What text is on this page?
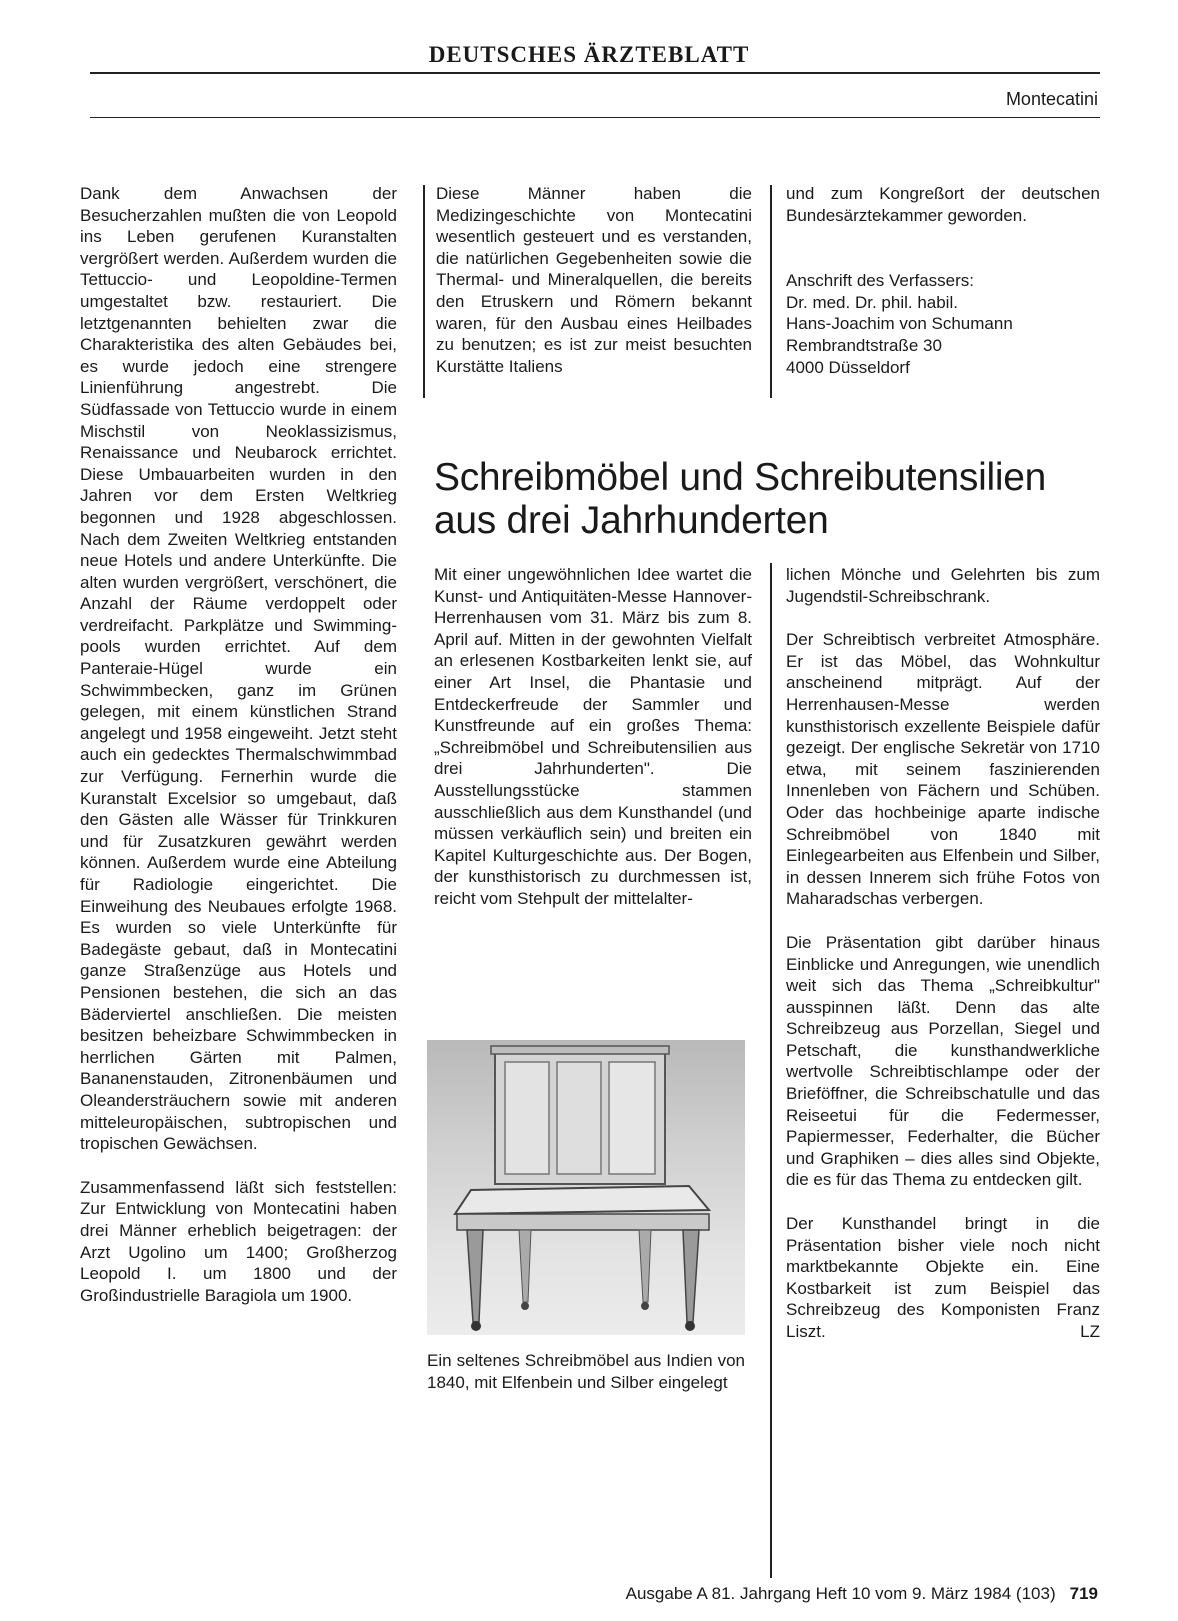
DEUTSCHES ÄRZTEBLATT
Montecatini

Dank dem Anwachsen der Besucherzahlen mußten die von Leopold ins Leben gerufenen Kuranstalten vergrößert werden. Außerdem wurden die Tettuccio- und Leopoldine-Termen umgestaltet bzw. restauriert. Die letztgenannten behielten zwar die Charakteristika des alten Gebäudes bei, es wurde jedoch eine strengere Linienführung angestrebt. Die Südfassade von Tettuccio wurde in einem Mischstil von Neoklassizismus, Renaissance und Neubarock errichtet. Diese Umbauarbeiten wurden in den Jahren vor dem Ersten Weltkrieg begonnen und 1928 abgeschlossen. Nach dem Zweiten Weltkrieg entstanden neue Hotels und andere Unterkünfte. Die alten wurden vergrößert, verschönert, die Anzahl der Räume verdoppelt oder verdreifacht. Parkplätze und Swimming-pools wurden errichtet. Auf dem Panteraie-Hügel wurde ein Schwimmbecken, ganz im Grünen gelegen, mit einem künstlichen Strand angelegt und 1958 eingeweiht. Jetzt steht auch ein gedecktes Thermalschwimmbad zur Verfügung. Fernerhin wurde die Kuranstalt Excelsior so umgebaut, daß den Gästen alle Wässer für Trinkkuren und für Zusatzkuren gewährt werden können. Außerdem wurde eine Abteilung für Radiologie eingerichtet. Die Einweihung des Neubaues erfolgte 1968. Es wurden so viele Unterkünfte für Badegäste gebaut, daß in Montecatini ganze Straßenzüge aus Hotels und Pensionen bestehen, die sich an das Bäderviertel anschließen. Die meisten besitzen beheizbare Schwimmbecken in herrlichen Gärten mit Palmen, Bananenstauden, Zitronenbäumen und Oleandersträuchern sowie mit anderen mitteleuropäischen, subtropischen und tropischen Gewächsen.

Zusammenfassend läßt sich feststellen: Zur Entwicklung von Montecatini haben drei Männer erheblich beigetragen: der Arzt Ugolino um 1400; Großherzog Leopold I. um 1800 und der Großindustrielle Baragiola um 1900.

Diese Männer haben die Medizingeschichte von Montecatini wesentlich gesteuert und es verstanden, die natürlichen Gegebenheiten sowie die Thermal- und Mineralquellen, die bereits den Etruskern und Römern bekannt waren, für den Ausbau eines Heilbades zu benutzen; es ist zur meist besuchten Kurstätte Italiens

und zum Kongreßort der deutschen Bundesärztekammer geworden.

Anschrift des Verfassers:
Dr. med. Dr. phil. habil.
Hans-Joachim von Schumann
Rembrandtstraße 30
4000 Düsseldorf

Schreibmöbel und Schreibutensilien
aus drei Jahrhunderten

Mit einer ungewöhnlichen Idee wartet die Kunst- und Antiquitäten-Messe Hannover-Herrenhausen vom 31. März bis zum 8. April auf. Mitten in der gewohnten Vielfalt an erlesenen Kostbarkeiten lenkt sie, auf einer Art Insel, die Phantasie und Entdeckerfreude der Sammler und Kunstfreunde auf ein großes Thema: „Schreibmöbel und Schreibutensilien aus drei Jahrhunderten". Die Ausstellungsstücke stammen ausschließlich aus dem Kunsthandel (und müssen verkäuflich sein) und breiten ein Kapitel Kulturgeschichte aus. Der Bogen, der kunsthistorisch zu durchmessen ist, reicht vom Stehpult der mittelalter-

Ein seltenes Schreibmöbel aus Indien von 1840, mit Elfenbein und Silber eingelegt

lichen Mönche und Gelehrten bis zum Jugendstil-Schreibschrank.

Der Schreibtisch verbreitet Atmosphäre. Er ist das Möbel, das Wohnkultur anscheinend mitprägt. Auf der Herrenhausen-Messe werden kunsthistorisch exzellente Beispiele dafür gezeigt. Der englische Sekretär von 1710 etwa, mit seinem faszinierenden Innenleben von Fächern und Schüben. Oder das hochbeinige aparte indische Schreibmöbel von 1840 mit Einlegearbeiten aus Elfenbein und Silber, in dessen Innerem sich frühe Fotos von Maharadschas verbergen.

Die Präsentation gibt darüber hinaus Einblicke und Anregungen, wie unendlich weit sich das Thema „Schreibkultur" ausspinnen läßt. Denn das alte Schreibzeug aus Porzellan, Siegel und Petschaft, die kunsthandwerkliche wertvolle Schreibtischlampe oder der Brieföffner, die Schreibschatulle und das Reiseetui für die Federmesser, Papiermesser, Federhalter, die Bücher und Graphiken – dies alles sind Objekte, die es für das Thema zu entdecken gilt.

Der Kunsthandel bringt in die Präsentation bisher viele noch nicht marktbekannte Objekte ein. Eine Kostbarkeit ist zum Beispiel das Schreibzeug des Komponisten Franz Liszt.	LZ

Ausgabe A 81. Jahrgang Heft 10 vom 9. März 1984 (103) 719
